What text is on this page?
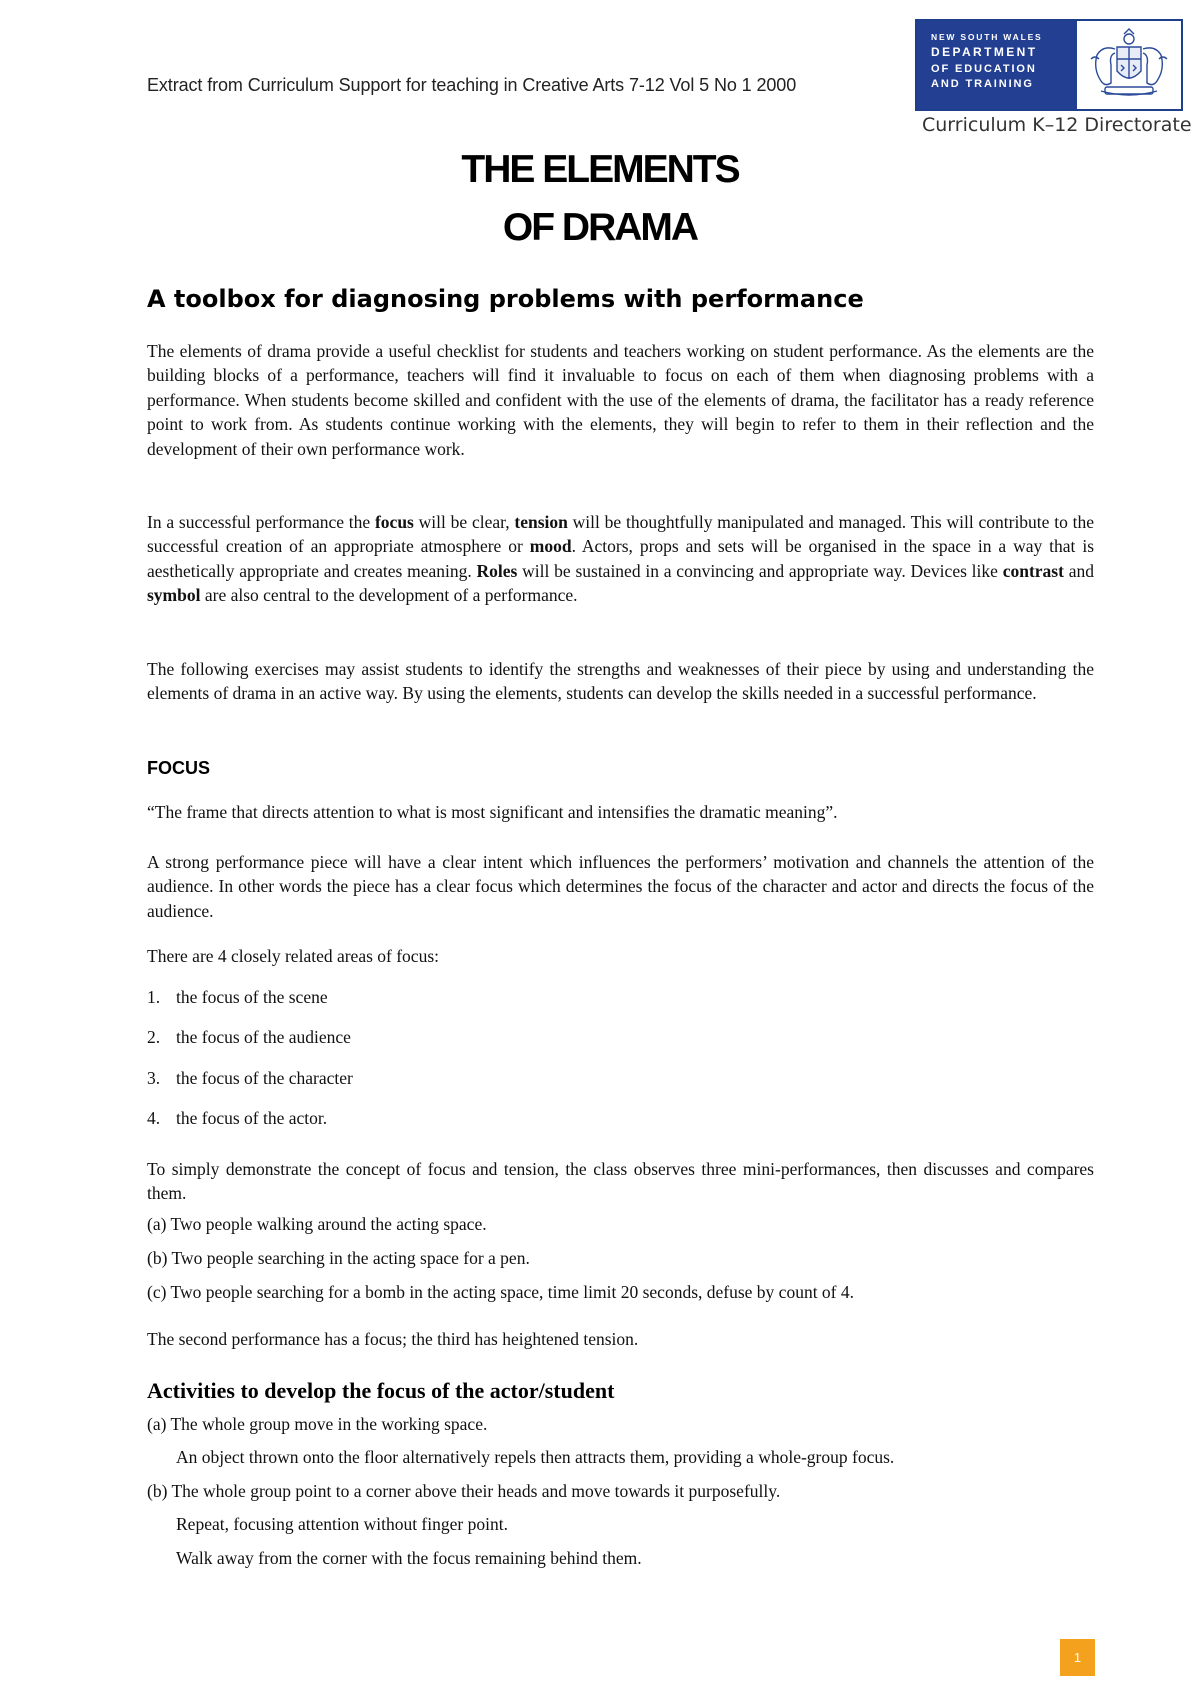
Extract from Curriculum Support for teaching in Creative Arts 7-12 Vol 5 No 1 2000
NEW SOUTH WALES
DEPARTMENT
OF EDUCATION
AND TRAINING
Curriculum K–12 Directorate
THE ELEMENTS
OF DRAMA
A toolbox for diagnosing problems with performance
The elements of drama provide a useful checklist for students and teachers working on student performance. As the elements are the building blocks of a performance, teachers will find it invaluable to focus on each of them when diagnosing problems with a performance. When students become skilled and confident with the use of the elements of drama, the facilitator has a ready reference point to work from. As students continue working with the elements, they will begin to refer to them in their reflection and the development of their own performance work.
In a successful performance the focus will be clear, tension will be thoughtfully manipulated and managed. This will contribute to the successful creation of an appropriate atmosphere or mood. Actors, props and sets will be organised in the space in a way that is aesthetically appropriate and creates meaning. Roles will be sustained in a convincing and appropriate way. Devices like contrast and symbol are also central to the development of a performance.
The following exercises may assist students to identify the strengths and weaknesses of their piece by using and understanding the elements of drama in an active way. By using the elements, students can develop the skills needed in a successful performance.
FOCUS
“The frame that directs attention to what is most significant and intensifies the dramatic meaning”.
A strong performance piece will have a clear intent which influences the performers’ motivation and channels the attention of the audience. In other words the piece has a clear focus which determines the focus of the character and actor and directs the focus of the audience.
There are 4 closely related areas of focus:
1. the focus of the scene
2. the focus of the audience
3. the focus of the character
4. the focus of the actor.
To simply demonstrate the concept of focus and tension, the class observes three mini-performances, then discusses and compares them.
(a) Two people walking around the acting space.
(b) Two people searching in the acting space for a pen.
(c) Two people searching for a bomb in the acting space, time limit 20 seconds, defuse by count of 4.
The second performance has a focus; the third has heightened tension.
Activities to develop the focus of the actor/student
(a) The whole group move in the working space.
An object thrown onto the floor alternatively repels then attracts them, providing a whole-group focus.
(b) The whole group point to a corner above their heads and move towards it purposefully.
Repeat, focusing attention without finger point.
Walk away from the corner with the focus remaining behind them.
1
